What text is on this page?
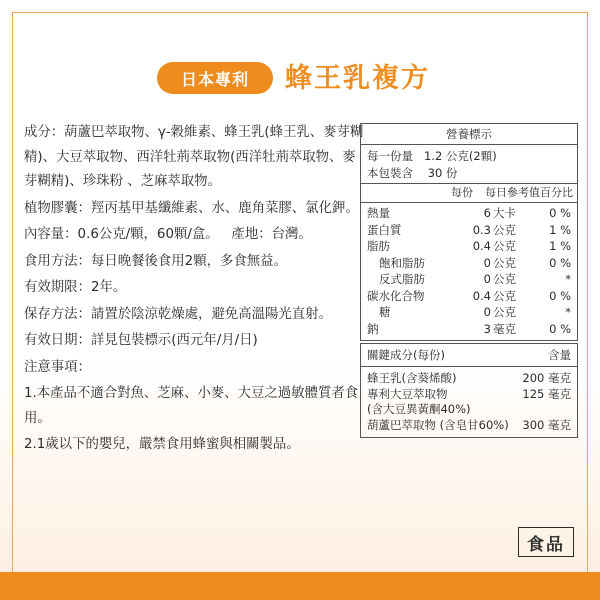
日本專利	蜂王乳複方

成分：葫蘆巴萃取物、γ-穀維素、蜂王乳(蜂王乳、麥芽糊精)、大豆萃取物、西洋牡荊萃取物(西洋牡荊萃取物、麥芽糊精)、珍珠粉 、芝麻萃取物。

植物膠囊：羥丙基甲基纖維素、水、鹿角菜膠、氯化鉀。

內容量：0.6公克/顆，60顆/盒。   產地：台灣。

食用方法：每日晚餐後食用2顆，多食無益。

有效期限：2年。

保存方法：請置於陰涼乾燥處，避免高溫陽光直射。

有效日期：詳見包裝標示(西元年/月/日)

注意事項：

1.本產品不適合對魚、芝麻、小麥、大豆之過敏體質者食用。

2.1歲以下的嬰兒，嚴禁食用蜂蜜與相關製品。

營養標示
每一份量   1.2 公克(2顆)
本包裝含    30 份
每份 每日參考值百分比
熱量	6 大卡	0 %
蛋白質	0.3 公克	1 %
脂肪	0.4 公克	1 %
飽和脂肪	0 公克	0 %
反式脂肪	0 公克	*
碳水化合物	0.4 公克	0 %
糖	0 公克	*
鈉	3 毫克	0 %
關鍵成分(每份)	含量
蜂王乳(含葵烯酸)	200 毫克
專利大豆萃取物	125 毫克
(含大豆異黃酮40%)
葫蘆巴萃取物 (含皂甘60%) 300 毫克
食品
